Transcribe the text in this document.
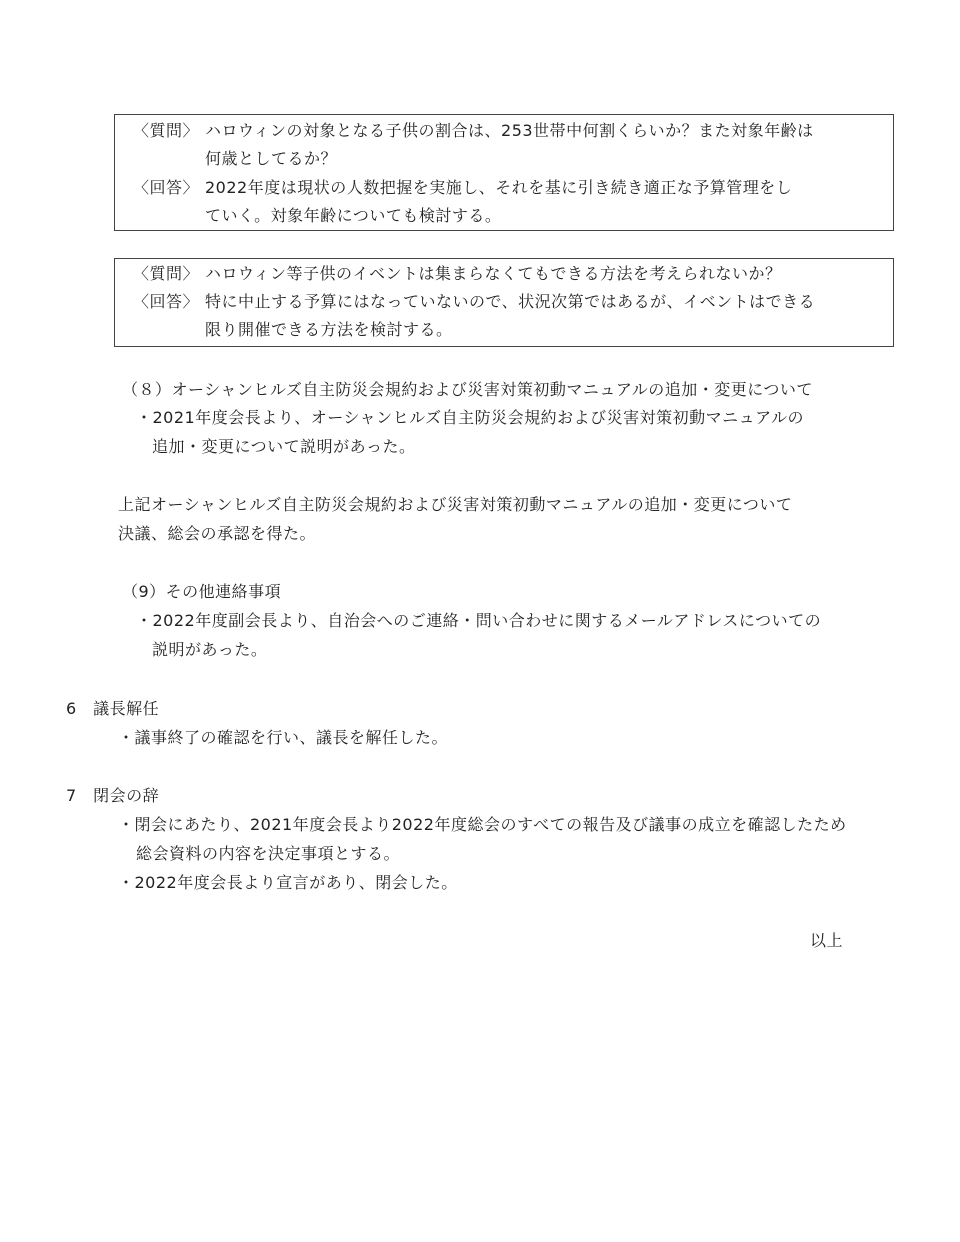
〈質問〉 ハロウィンの対象となる子供の割合は、253世帯中何割くらいか？また対象年齢は
何歳としてるか？
〈回答〉 2022年度は現状の人数把握を実施し、それを基に引き続き適正な予算管理をし
ていく。対象年齢についても検討する。
〈質問〉 ハロウィン等子供のイベントは集まらなくてもできる方法を考えられないか？
〈回答〉 特に中止する予算にはなっていないので、状況次第ではあるが、イベントはできる
限り開催できる方法を検討する。
（８）オーシャンヒルズ自主防災会規約および災害対策初動マニュアルの追加・変更について
・2021年度会長より、オーシャンヒルズ自主防災会規約および災害対策初動マニュアルの
追加・変更について説明があった。
上記オーシャンヒルズ自主防災会規約および災害対策初動マニュアルの追加・変更について
決議、総会の承認を得た。
（9）その他連絡事項
・2022年度副会長より、自治会へのご連絡・問い合わせに関するメールアドレスについての
説明があった。
6　議長解任
・議事終了の確認を行い、議長を解任した。
7　閉会の辞
・閉会にあたり、2021年度会長より2022年度総会のすべての報告及び議事の成立を確認したため
総会資料の内容を決定事項とする。
・2022年度会長より宣言があり、閉会した。
以上
